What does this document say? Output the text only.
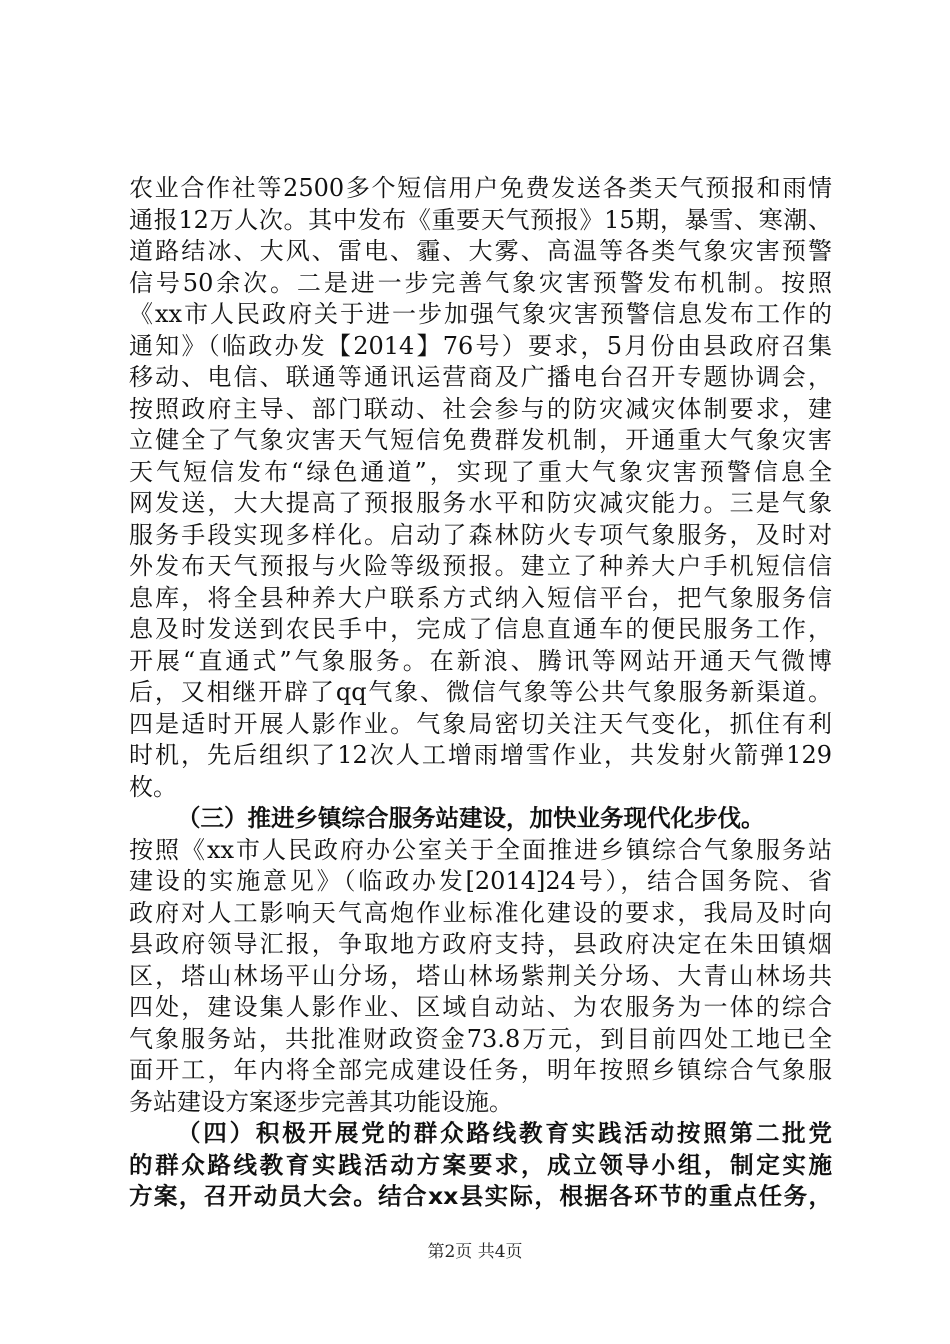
农业合作社等2500多个短信用户免费发送各类天气预报和雨情
通报12万人次。其中发布《重要天气预报》15期，暴雪、寒潮、
道路结冰、大风、雷电、霾、大雾、高温等各类气象灾害预警
信号50余次。二是进一步完善气象灾害预警发布机制。按照
《xx市人民政府关于进一步加强气象灾害预警信息发布工作的
通知》（临政办发【2014】76号）要求，5月份由县政府召集
移动、电信、联通等通讯运营商及广播电台召开专题协调会，
按照政府主导、部门联动、社会参与的防灾减灾体制要求，建
立健全了气象灾害天气短信免费群发机制，开通重大气象灾害
天气短信发布“绿色通道”，实现了重大气象灾害预警信息全
网发送，大大提高了预报服务水平和防灾减灾能力。三是气象
服务手段实现多样化。启动了森林防火专项气象服务，及时对
外发布天气预报与火险等级预报。建立了种养大户手机短信信
息库，将全县种养大户联系方式纳入短信平台，把气象服务信
息及时发送到农民手中，完成了信息直通车的便民服务工作，
开展“直通式”气象服务。在新浪、腾讯等网站开通天气微博
后，又相继开辟了qq气象、微信气象等公共气象服务新渠道。
四是适时开展人影作业。气象局密切关注天气变化，抓住有利
时机，先后组织了12次人工增雨增雪作业，共发射火箭弹129
枚。
（三）推进乡镇综合服务站建设，加快业务现代化步伐。
按照《xx市人民政府办公室关于全面推进乡镇综合气象服务站
建设的实施意见》（临政办发[2014]24号），结合国务院、省
政府对人工影响天气高炮作业标准化建设的要求，我局及时向
县政府领导汇报，争取地方政府支持，县政府决定在朱田镇烟
区，塔山林场平山分场，塔山林场紫荆关分场、大青山林场共
四处，建设集人影作业、区域自动站、为农服务为一体的综合
气象服务站，共批准财政资金73.8万元，到目前四处工地已全
面开工，年内将全部完成建设任务，明年按照乡镇综合气象服
务站建设方案逐步完善其功能设施。
（四）积极开展党的群众路线教育实践活动按照第二批党
的群众路线教育实践活动方案要求，成立领导小组，制定实施
方案，召开动员大会。结合xx县实际，根据各环节的重点任务，
第2页 共4页
